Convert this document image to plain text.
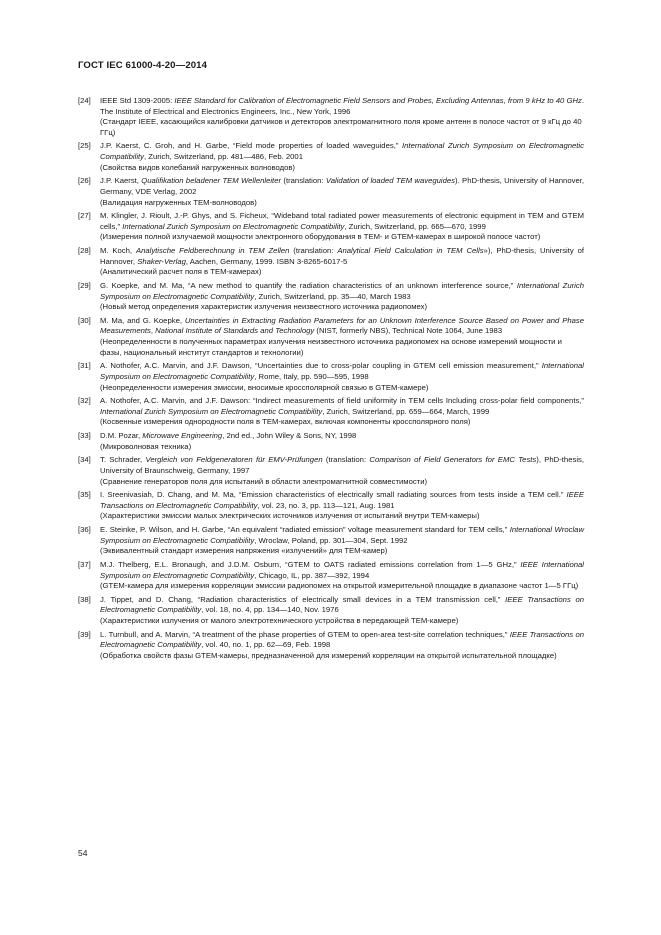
ГОСТ IEC 61000-4-20—2014
[24] IEEE Std 1309-2005: IEEE Standard for Calibration of Electromagnetic Field Sensors and Probes, Excluding Antennas, from 9 kHz to 40 GHz. The Institute of Electrical and Electronics Engineers, Inc., New York, 1996
(Стандарт IEEE, касающийся калибровки датчиков и детекторов электромагнитного поля кроме антенн в полосе частот от 9 кГц до 40 ГГц)
[25] J.P. Kaerst, C. Groh, and H. Garbe, “Field mode properties of loaded waveguides,” International Zurich Symposium on Electromagnetic Compatibility, Zurich, Switzerland, pp. 481—486, Feb. 2001
(Свойства видов колебаний нагруженных волноводов)
[26] J.P. Kaerst, Qualifikation beladener TEM Wellenleiter (translation: Validation of loaded TEM waveguides). PhD-thesis, University of Hannover, Germany, VDE Verlag, 2002
(Валидация нагруженных TEM-волноводов)
[27] M. Klingler, J. Rioult, J.-P. Ghys, and S. Ficheux, “Wideband total radiated power measurements of electronic equipment in TEM and GTEM cells,” International Zurich Symposium on Electromagnetic Compatibility, Zurich, Switzerland, pp. 665—670, 1999
(Измерения полной излучаемой мощности электронного оборудования в TEM- и GTEM-камерах в широкой полосе частот)
[28] M. Koch, Analytische Feldberechnung in TEM Zellen (translation: Analytical Field Calculation in TEM Cells»), PhD-thesis, University of Hannover, Shaker-Verlag, Aachen, Germany, 1999. ISBN 3-8265-6017-5
(Аналитический расчет поля в TEM-камерах)
[29] G. Koepke, and M. Ma, “A new method to quantify the radiation characteristics of an unknown interference source,” International Zurich Symposium on Electromagnetic Compatibility, Zurich, Switzerland, pp. 35—40, March 1983
(Новый метод определения характеристик излучения неизвестного источника радиопомех)
[30] M. Ma, and G. Koepke, Uncertainties in Extracting Radiation Parameters for an Unknown Interference Source Based on Power and Phase Measurements, National Institute of Standards and Technology (NIST, formerly NBS), Technical Note 1064, June 1983
(Неопределенности в полученных параметрах излучения неизвестного источника радиопомех на основе измерений мощности и фазы, национальный институт стандартов и технологии)
[31] A. Nothofer, A.C. Marvin, and J.F. Dawson, “Uncertainties due to cross-polar coupling in GTEM cell emission measurement,” International Symposium on Electromagnetic Compatibility, Rome, Italy, pp. 590—595, 1998
(Неопределенности измерения эмиссии, вносимые кроссполярной связью в GTEM-камере)
[32] A. Nothofer, A.C. Marvin, and J.F. Dawson: “Indirect measurements of field uniformity in TEM cells Including cross-polar field components,” International Zurich Symposium on Electromagnetic Compatibility, Zurich, Switzerland, pp. 659—664, March, 1999
(Косвенные измерения однородности поля в TEM-камерах, включая компоненты кроссполярного поля)
[33] D.M. Pozar, Microwave Engineering, 2nd ed., John Wiley & Sons, NY, 1998
(Микроволновая техника)
[34] T. Schrader, Vergleich von Feldgeneratoren für EMV-Prüfungen (translation: Comparison of Field Generators for EMC Tests), PhD-thesis, University of Braunschweig, Germany, 1997
(Сравнение генераторов поля для испытаний в области электромагнитной совместимости)
[35] I. Sreenivasiah, D. Chang, and M. Ma, “Emission characteristics of electrically small radiating sources from tests inside a TEM cell.” IEEE Transactions on Electromagnetic Compatibility, vol. 23, no. 3, pp. 113—121, Aug. 1981
(Характеристики эмиссии малых электрических источников излучения от испытаний внутри TEM-камеры)
[36] E. Steinke, P. Wilson, and H. Garbe, “An equivalent “radiated emission” voltage measurement standard for TEM cells,” International Wroclaw Symposium on Electromagnetic Compatibility, Wroclaw, Poland, pp. 301—304, Sept. 1992
(Эквивалентный стандарт измерения напряжения «излучений» для TEM-камер)
[37] M.J. Thelberg, E.L. Bronaugh, and J.D.M. Osburn, “GTEM to OATS radiated emissions correlation from 1—5 GHz,” IEEE International Symposium on Electromagnetic Compatibility, Chicago, IL, pp. 387—392, 1994
(GTEM-камера для измерения корреляции эмиссии радиопомех на открытой измерительной площадке в диапазоне частот 1—5 ГГц)
[38] J. Tippet, and D. Chang, “Radiation characteristics of electrically small devices in a TEM transmission cell,” IEEE Transactions on Electromagnetic Compatibility, vol. 18, no. 4, pp. 134—140, Nov. 1976
(Характеристики излучения от малого электротехнического устройства в передающей TEM-камере)
[39] L. Turnbull, and A. Marvin, “A treatment of the phase properties of GTEM to open-area test-site correlation techniques,” IEEE Transactions on Electromagnetic Compatibility, vol. 40, no. 1, pp. 62—69, Feb. 1998
(Обработка свойств фазы GTEM-камеры, предназначенной для измерений корреляции на открытой испытательной площадке)
54
